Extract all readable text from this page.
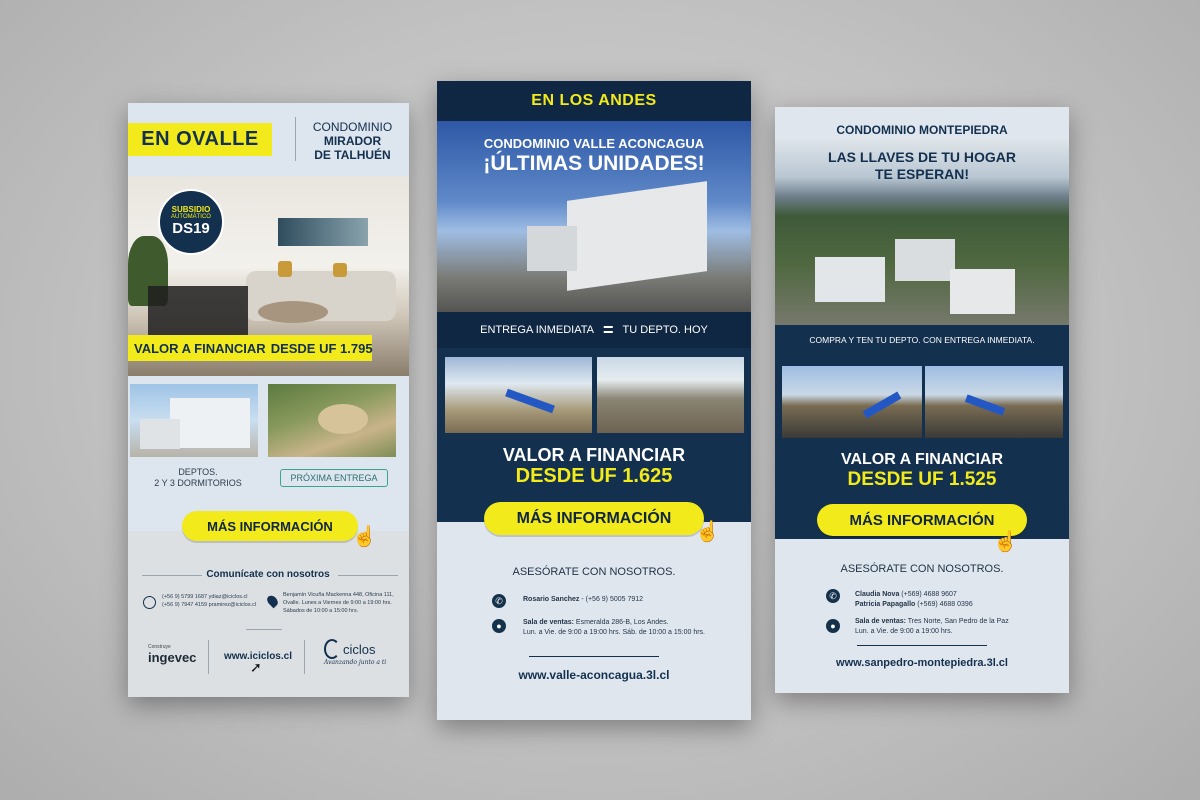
EN OVALLE
CONDOMINIO
MIRADOR
DE TALHUÉN
SUBSIDIO
AUTOMÁTICO
DS19
VALOR A FINANCIAR DESDE UF 1.795
DEPTOS.
2 Y 3 DORMITORIOS	PRÓXIMA ENTREGA
MÁS INFORMACIÓN ☝
Comunícate con nosotros
(+56 9) 5799 1687 ydiaz@iciclos.cl
(+56 9) 7947 4159 pramirez@iciclos.cl
Benjamín Vicuña Mackenna 448, Oficina 111,
Ovalle. Lunes a Viernes de 9:00 a 19:00 hrs.
Sábados de 10:00 a 15:00 hrs.
Construye
ingevec	www.iciclos.cl
➚
ciclos
Avanzando junto a ti
EN LOS ANDES
CONDOMINIO VALLE ACONCAGUA
¡ÚLTIMAS UNIDADES!
ENTREGA INMEDIATA = TU DEPTO. HOY
VALOR A FINANCIAR
DESDE UF 1.625
MÁS INFORMACIÓN
☝
ASESÓRATE CON NOSOTROS.
✆	Rosario Sanchez - (+56 9) 5005 7912
●	Sala de ventas: Esmeralda 286-B, Los Andes.
Lun. a Vie. de 9:00 a 19:00 hrs. Sáb. de 10:00 a 15:00 hrs.
www.valle-aconcagua.3l.cl
CONDOMINIO MONTEPIEDRA
LAS LLAVES DE TU HOGAR
TE ESPERAN!
COMPRA Y TEN TU DEPTO. CON ENTREGA INMEDIATA.
VALOR A FINANCIAR
DESDE UF 1.525
MÁS INFORMACIÓN
☝
ASESÓRATE CON NOSOTROS.
✆	Claudia Nova (+569) 4688 9607
Patricia Papagallo (+569) 4688 0396
●	Sala de ventas: Tres Norte, San Pedro de la Paz
Lun. a Vie. de 9:00 a 19:00 hrs.
www.sanpedro-montepiedra.3l.cl
